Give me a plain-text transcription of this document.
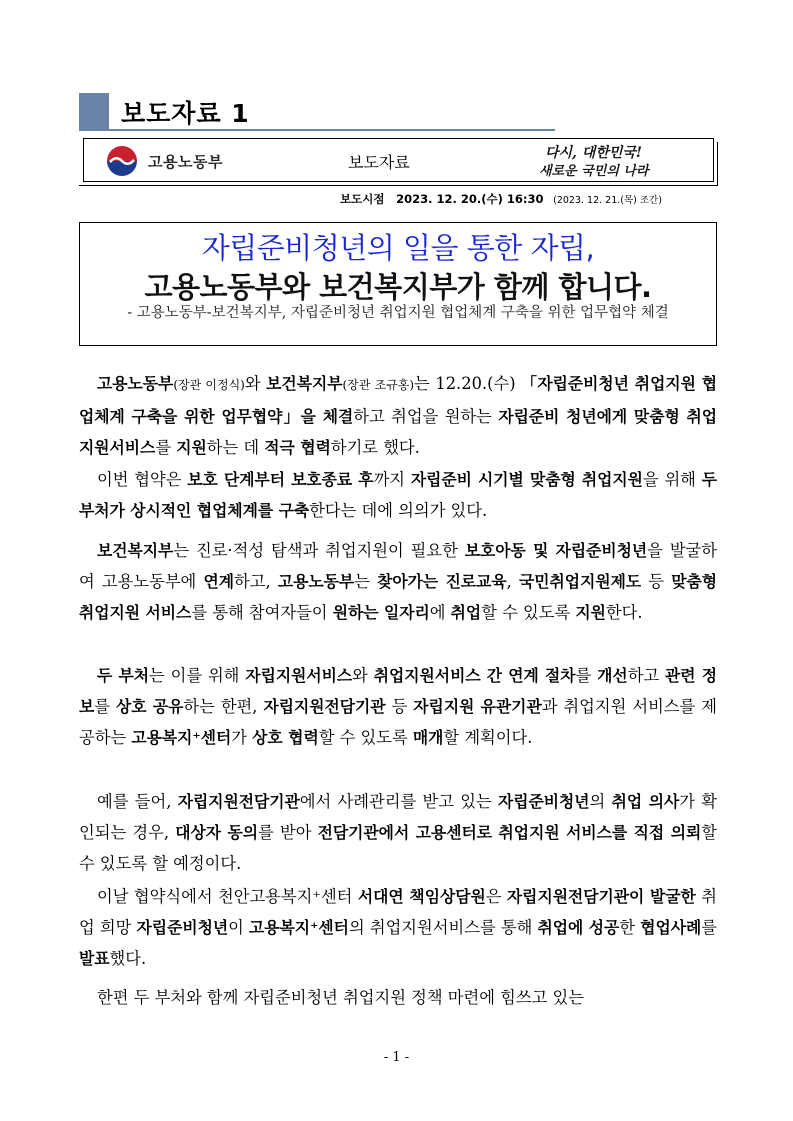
보도자료 1
고용노동부	보도자료	다시, 대한민국!
새로운 국민의 나라
보도시점 2023. 12. 20.(수) 16:30 (2023. 12. 21.(목) 조간)
자립준비청년의 일을 통한 자립,
고용노동부와 보건복지부가 함께 합니다.
- 고용노동부-보건복지부, 자립준비청년 취업지원 협업체계 구축을 위한 업무협약 체결
고용노동부(장관 이정식)와 보건복지부(장관 조규홍)는 12.20.(수) 「자립준비청년 취업지원 협업체계 구축을 위한 업무협약」을 체결하고 취업을 원하는 자립준비 청년에게 맞춤형 취업지원서비스를 지원하는 데 적극 협력하기로 했다.
이번 협약은 보호 단계부터 보호종료 후까지 자립준비 시기별 맞춤형 취업지원을 위해 두 부처가 상시적인 협업체계를 구축한다는 데에 의의가 있다.
보건복지부는 진로·적성 탐색과 취업지원이 필요한 보호아동 및 자립준비청년을 발굴하여 고용노동부에 연계하고, 고용노동부는 찾아가는 진로교육, 국민취업지원제도 등 맞춤형 취업지원 서비스를 통해 참여자들이 원하는 일자리에 취업할 수 있도록 지원한다.
두 부처는 이를 위해 자립지원서비스와 취업지원서비스 간 연계 절차를 개선하고 관련 정보를 상호 공유하는 한편, 자립지원전담기관 등 자립지원 유관기관과 취업지원 서비스를 제공하는 고용복지⁺센터가 상호 협력할 수 있도록 매개할 계획이다.
예를 들어, 자립지원전담기관에서 사례관리를 받고 있는 자립준비청년의 취업 의사가 확인되는 경우, 대상자 동의를 받아 전담기관에서 고용센터로 취업지원 서비스를 직접 의뢰할 수 있도록 할 예정이다.
이날 협약식에서 천안고용복지⁺센터 서대연 책임상담원은 자립지원전담기관이 발굴한 취업 희망 자립준비청년이 고용복지⁺센터의 취업지원서비스를 통해 취업에 성공한 협업사례를 발표했다.
한편 두 부처와 함께 자립준비청년 취업지원 정책 마련에 힘쓰고 있는
- 1 -
